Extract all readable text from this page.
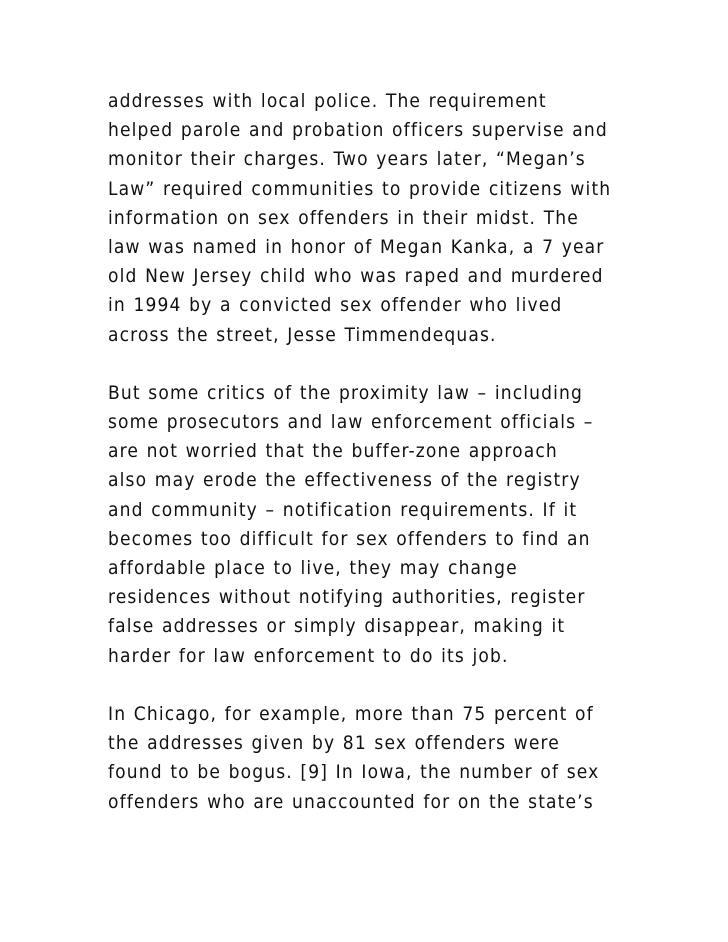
addresses with local police. The requirement
helped parole and probation officers supervise and
monitor their charges. Two years later, “Megan’s
Law” required communities to provide citizens with
information on sex offenders in their midst. The
law was named in honor of Megan Kanka, a 7 year
old New Jersey child who was raped and murdered
in 1994 by a convicted sex offender who lived
across the street, Jesse Timmendequas.
But some critics of the proximity law – including
some prosecutors and law enforcement officials –
are not worried that the buffer-zone approach
also may erode the effectiveness of the registry
and community – notification requirements. If it
becomes too difficult for sex offenders to find an
affordable place to live, they may change
residences without notifying authorities, register
false addresses or simply disappear, making it
harder for law enforcement to do its job.
In Chicago, for example, more than 75 percent of
the addresses given by 81 sex offenders were
found to be bogus. [9] In Iowa, the number of sex
offenders who are unaccounted for on the state’s
